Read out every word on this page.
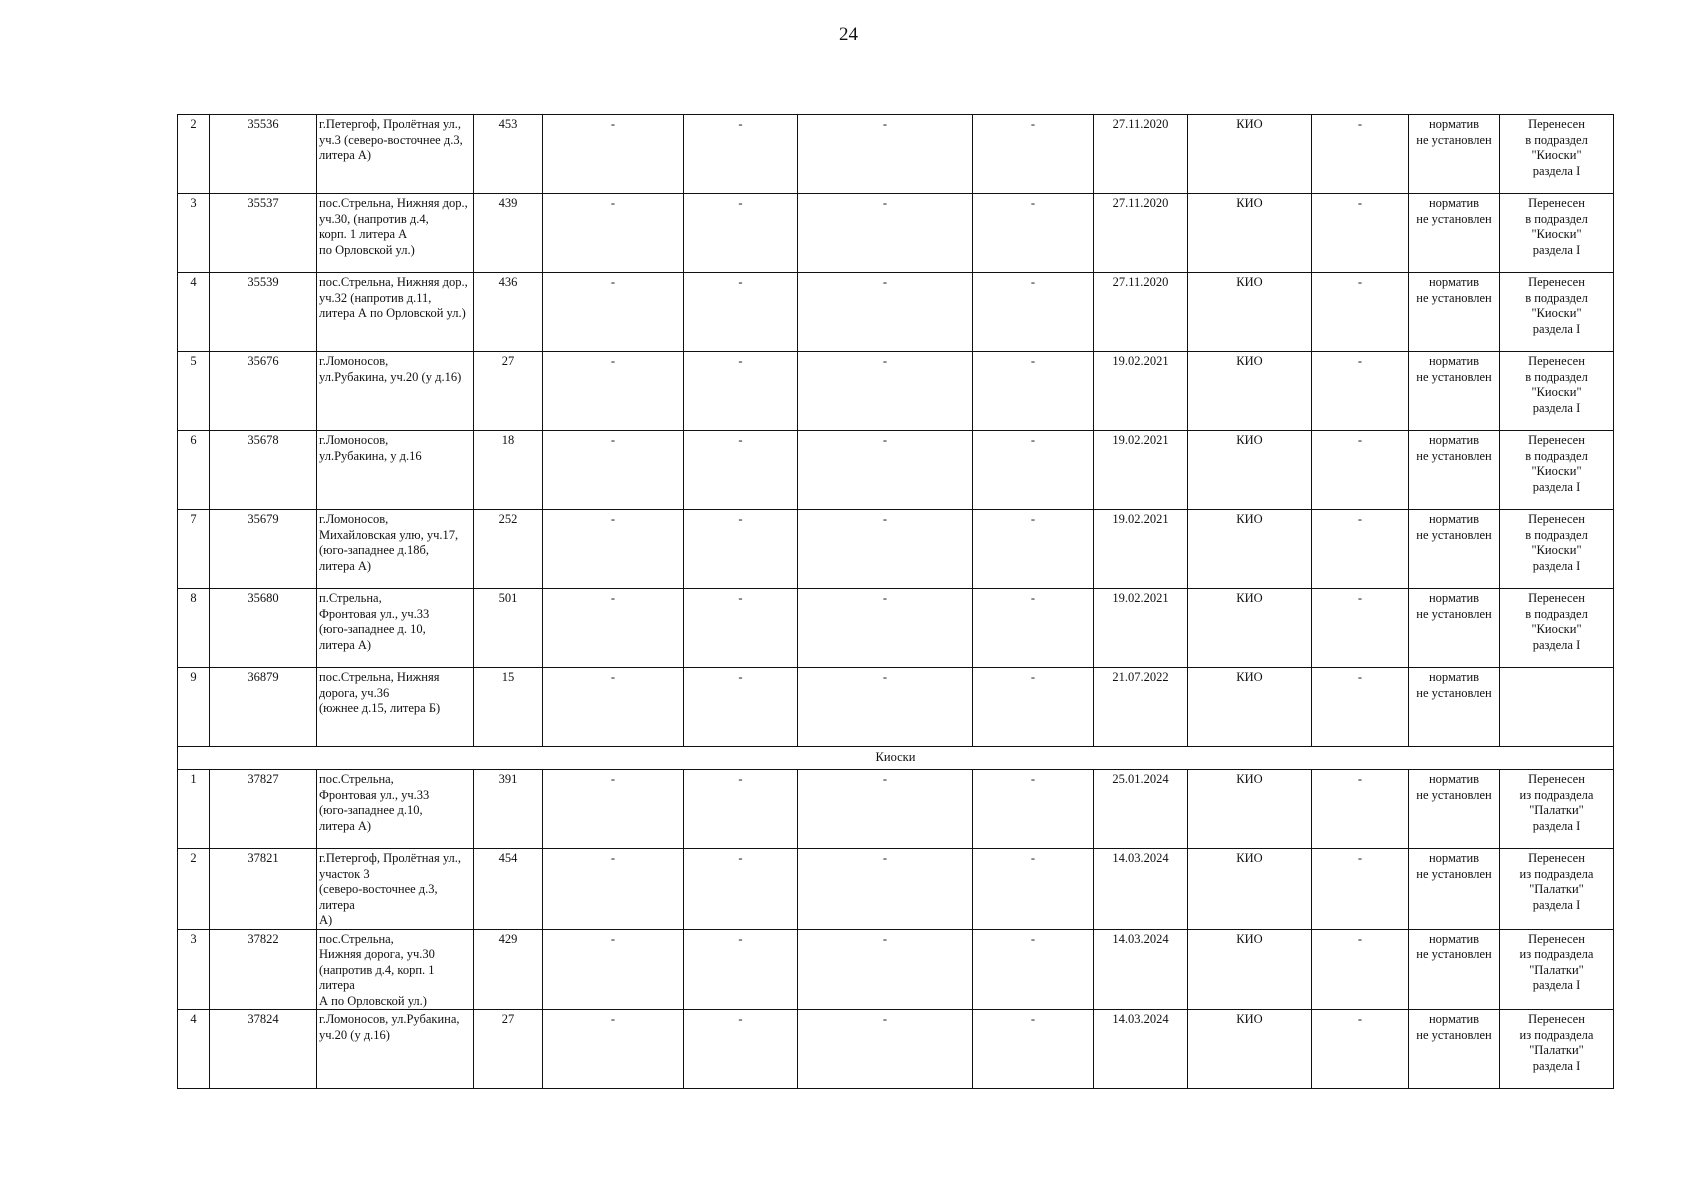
24
2	35536	г.Петергоф, Пролётная ул.,
уч.3 (северо-восточнее д.3,
литера А)	453	-	-	-	-	27.11.2020	КИО	-	норматив
не установлен	Перенесен
в подраздел "Киоски"
раздела I
3	35537	пос.Стрельна, Нижняя дор.,
уч.30, (напротив д.4,
корп. 1 литера А
по Орловской ул.)	439	-	-	-	-	27.11.2020	КИО	-	норматив
не установлен	Перенесен
в подраздел "Киоски"
раздела I
4	35539	пос.Стрельна, Нижняя дор.,
уч.32 (напротив д.11,
литера А по Орловской ул.)	436	-	-	-	-	27.11.2020	КИО	-	норматив
не установлен	Перенесен
в подраздел "Киоски"
раздела I
5	35676	г.Ломоносов,
ул.Рубакина, уч.20 (у д.16)	27	-	-	-	-	19.02.2021	КИО	-	норматив
не установлен	Перенесен
в подраздел "Киоски"
раздела I
6	35678	г.Ломоносов,
ул.Рубакина, у д.16	18	-	-	-	-	19.02.2021	КИО	-	норматив
не установлен	Перенесен
в подраздел "Киоски"
раздела I
7	35679	г.Ломоносов,
Михайловская улю, уч.17,
(юго-западнее д.18б,
литера А)	252	-	-	-	-	19.02.2021	КИО	-	норматив
не установлен	Перенесен
в подраздел "Киоски"
раздела I
8	35680	п.Стрельна,
Фронтовая ул., уч.33
(юго-западнее д. 10,
литера А)	501	-	-	-	-	19.02.2021	КИО	-	норматив
не установлен	Перенесен
в подраздел "Киоски"
раздела I
9	36879	пос.Стрельна, Нижняя
дорога, уч.36
(южнее д.15, литера Б)	15	-	-	-	-	21.07.2022	КИО	-	норматив
не установлен	
Киоски												
1	37827	пос.Стрельна,
Фронтовая ул., уч.33
(юго-западнее д.10,
литера А)	391	-	-	-	-	25.01.2024	КИО	-	норматив
не установлен	Перенесен
из подраздела
"Палатки"
раздела I
2	37821	г.Петергоф, Пролётная ул.,
участок 3
(северо-восточнее д.3, литера
А)	454	-	-	-	-	14.03.2024	КИО	-	норматив
не установлен	Перенесен
из подраздела
"Палатки"
раздела I
3	37822	пос.Стрельна,
Нижняя дорога, уч.30
(напротив д.4, корп. 1 литера
А по Орловской ул.)	429	-	-	-	-	14.03.2024	КИО	-	норматив
не установлен	Перенесен
из подраздела
"Палатки"
раздела I
4	37824	г.Ломоносов, ул.Рубакина,
уч.20 (у д.16)	27	-	-	-	-	14.03.2024	КИО	-	норматив
не установлен	Перенесен
из подраздела
"Палатки"
раздела I
